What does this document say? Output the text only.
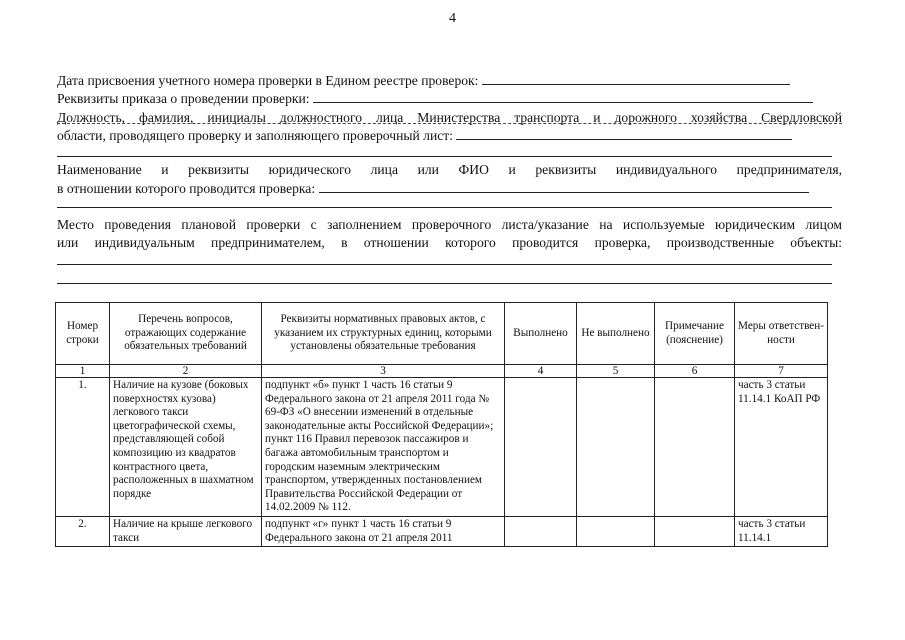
4
Дата присвоения учетного номера проверки в Едином реестре проверок:
Реквизиты приказа о проведении проверки:
Должность, фамилия, инициалы должностного лица Министерства транспорта и дорожного хозяйства Свердловской
области, проводящего проверку и заполняющего проверочный лист:
Наименование и реквизиты юридического лица или ФИО и реквизиты индивидуального предпринимателя,
в отношении которого проводится проверка:
Место проведения плановой проверки с заполнением проверочного листа/указание на используемые юридическим лицом
или индивидуальным предпринимателем, в отношении которого проводится проверка, производственные объекты:
Номер строки	Перечень вопросов, отражающих содержание обязательных требований	Реквизиты нормативных правовых актов, с указанием их структурных единиц, которыми установлены обязательные требования	Выполнено	Не выполнено	Примечание (пояснение)	Меры ответствен-ности
1	2	3	4	5	6	7
1.	Наличие на кузове (боковых поверхностях кузова) легкового такси цветографической схемы, представляющей собой композицию из квадратов контрастного цвета, расположенных в шахматном порядке	подпункт «б» пункт 1 часть 16 статьи 9 Федерального закона от 21 апреля 2011 года № 69-ФЗ «О внесении изменений в отдельные законодательные акты Российской Федерации»; пункт 116 Правил перевозок пассажиров и багажа автомобильным транспортом и городским наземным электрическим транспортом, утвержденных постановлением Правительства Российской Федерации от 14.02.2009 № 112.				часть 3 статьи 11.14.1 КоАП РФ
2.	Наличие на крыше легкового такси	подпункт «г» пункт 1 часть 16 статьи 9 Федерального закона от 21 апреля 2011				часть 3 статьи 11.14.1
